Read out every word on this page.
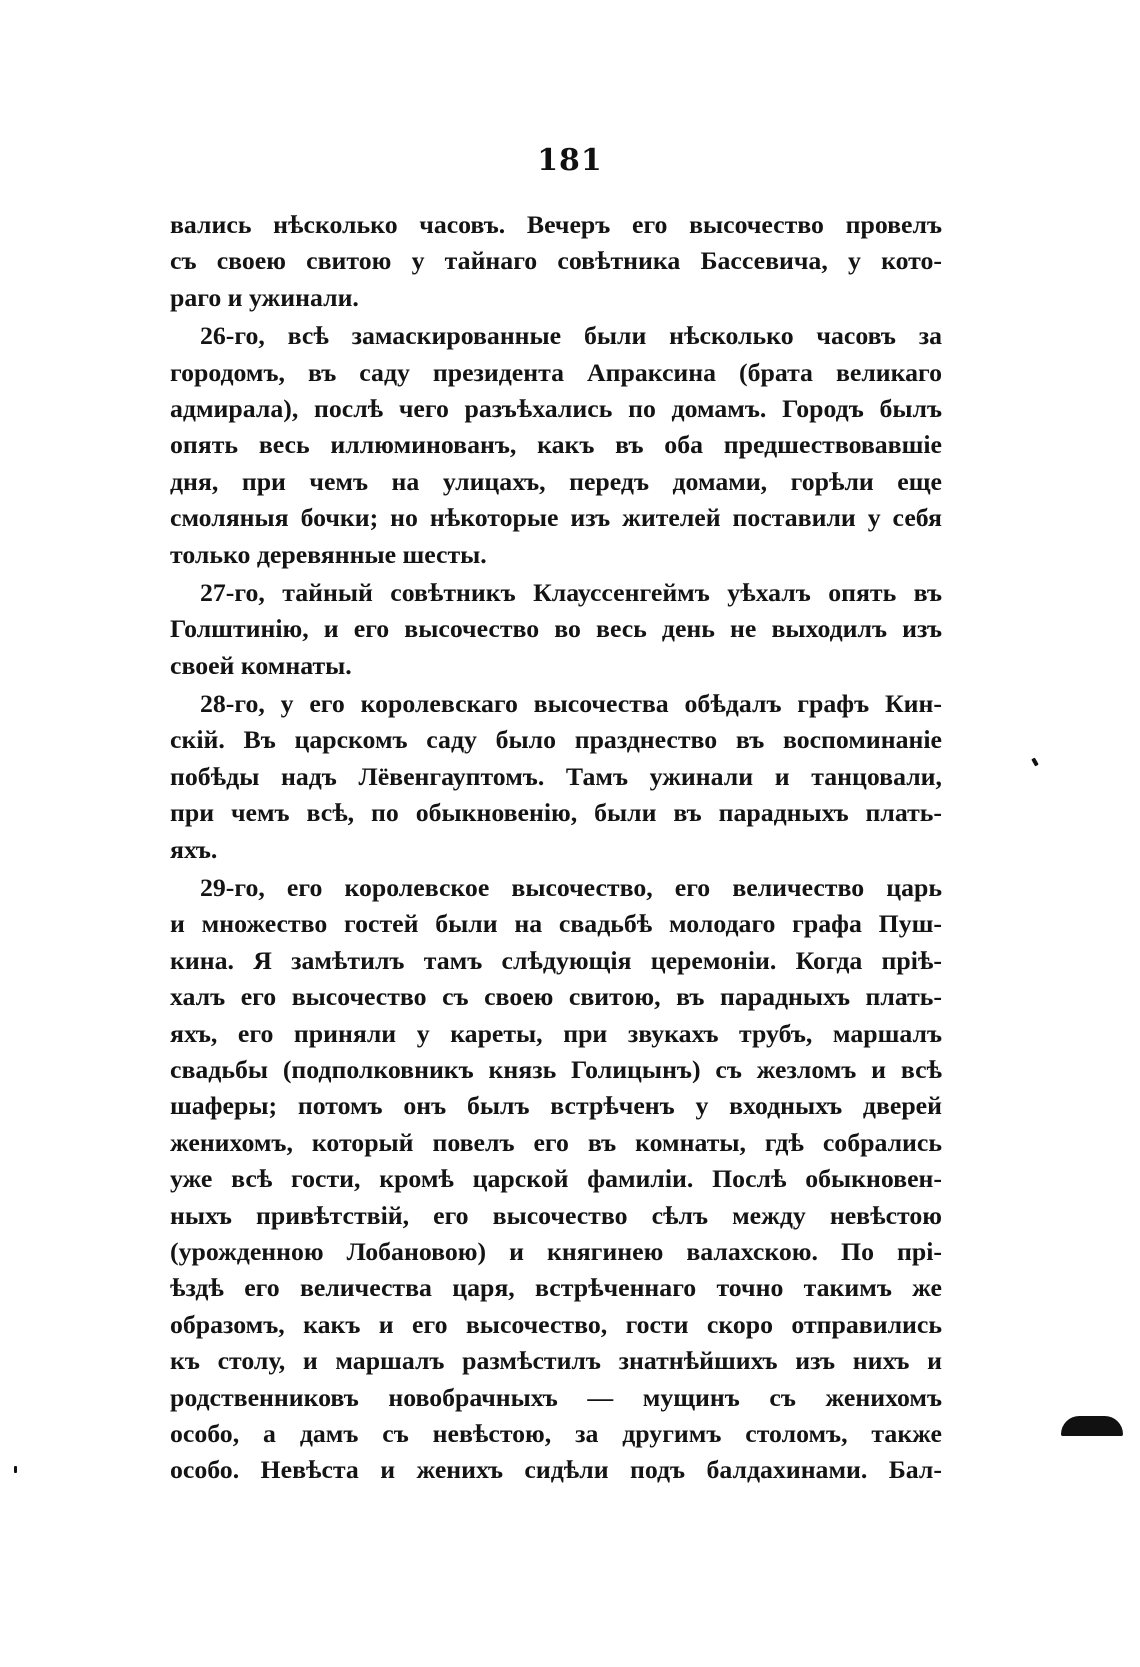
181
вались нѣсколько часовъ. Вечеръ его высочество провелъ
съ своею свитою у тайнаго совѣтника Бассевича, у кото-
раго и ужинали.
26-го, всѣ замаскированные были нѣсколько часовъ за
городомъ, въ саду президента Апраксина (брата великаго
адмирала), послѣ чего разъѣхались по домамъ. Городъ былъ
опять весь иллюминованъ, какъ въ оба предшествовавшіе
дня, при чемъ на улицахъ, передъ домами, горѣли еще
смоляныя бочки; но нѣкоторые изъ жителей поставили у себя
только деревянные шесты.
27-го, тайный совѣтникъ Клауссенгеймъ уѣхалъ опять въ
Голштинію, и его высочество во весь день не выходилъ изъ
своей комнаты.
28-го, у его королевскаго высочества обѣдалъ графъ Кин-
скій. Въ царскомъ саду было празднество въ воспоминаніе
побѣды надъ Лёвенгауптомъ. Тамъ ужинали и танцовали,
при чемъ всѣ, по обыкновенію, были въ парадныхъ плать-
яхъ.
29-го, его королевское высочество, его величество царь
и множество гостей были на свадьбѣ молодаго графа Пуш-
кина. Я замѣтилъ тамъ слѣдующія церемоніи. Когда пріѣ-
халъ его высочество съ своею свитою, въ парадныхъ плать-
яхъ, его приняли у кареты, при звукахъ трубъ, маршалъ
свадьбы (подполковникъ князь Голицынъ) съ жезломъ и всѣ
шаферы; потомъ онъ былъ встрѣченъ у входныхъ дверей
женихомъ, который повелъ его въ комнаты, гдѣ собрались
уже всѣ гости, кромѣ царской фамиліи. Послѣ обыкновен-
ныхъ привѣтствій, его высочество сѣлъ между невѣстою
(урожденною Лобановою) и княгинею валахскою. По прі-
ѣздѣ его величества царя, встрѣченнаго точно такимъ же
образомъ, какъ и его высочество, гости скоро отправились
къ столу, и маршалъ размѣстилъ знатнѣйшихъ изъ нихъ и
родственниковъ новобрачныхъ — мущинъ съ женихомъ
особо, а дамъ съ невѣстою, за другимъ столомъ, также
особо. Невѣста и женихъ сидѣли подъ балдахинами. Бал-
